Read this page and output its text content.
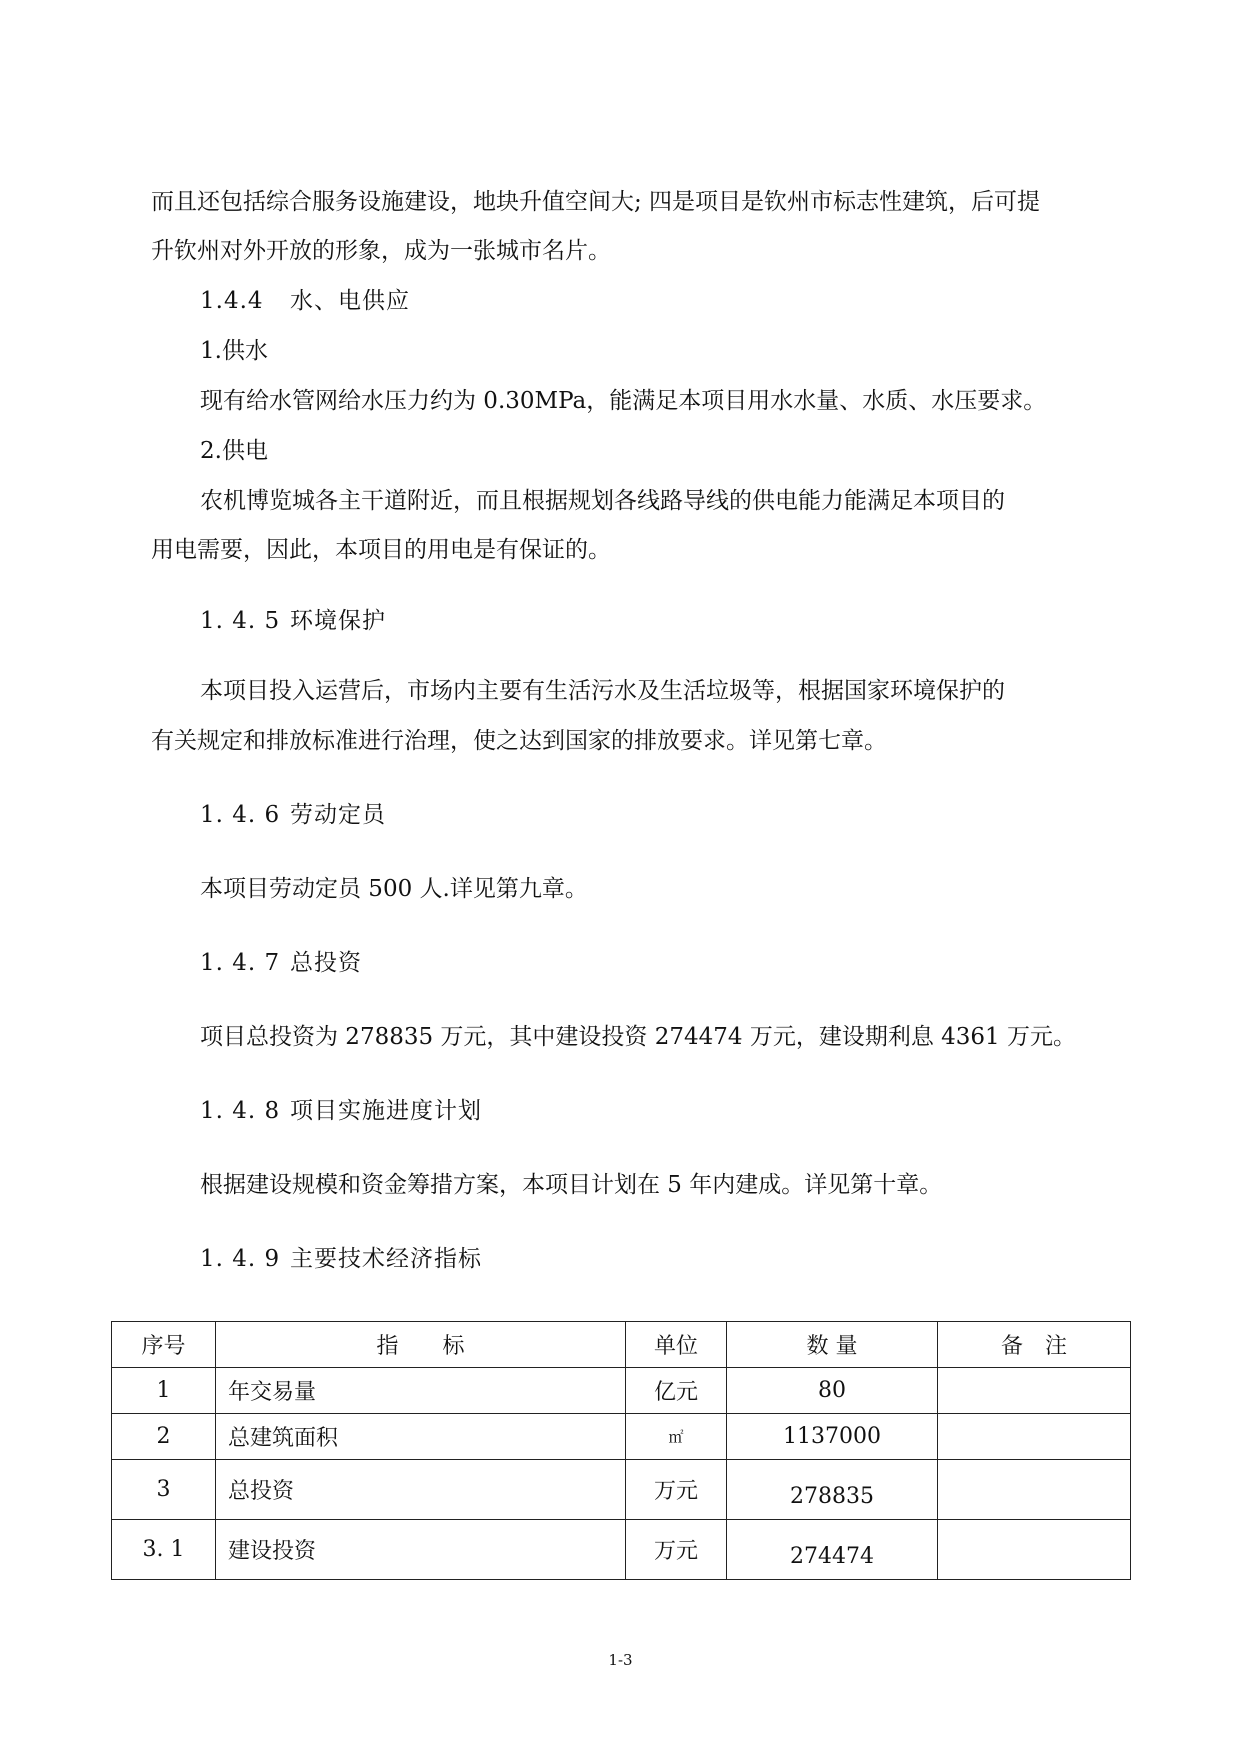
而且还包括综合服务设施建设，地块升值空间大; 四是项目是钦州市标志性建筑，后可提
升钦州对外开放的形象，成为一张城市名片。
1.4.4 水、电供应
1.供水
现有给水管网给水压力约为 0.30MPa，能满足本项目用水水量、水质、水压要求。
2.供电
农机博览城各主干道附近，而且根据规划各线路导线的供电能力能满足本项目的
用电需要，因此，本项目的用电是有保证的。
1. 4. 5 环境保护
本项目投入运营后，市场内主要有生活污水及生活垃圾等，根据国家环境保护的
有关规定和排放标准进行治理，使之达到国家的排放要求。详见第七章。
1. 4. 6 劳动定员
本项目劳动定员 500 人.详见第九章。
1. 4. 7 总投资
项目总投资为 278835 万元，其中建设投资 274474 万元，建设期利息 4361 万元。
1. 4. 8 项目实施进度计划
根据建设规模和资金筹措方案，本项目计划在 5 年内建成。详见第十章。
1. 4. 9 主要技术经济指标
序号	指　　标	单位	数 量	备　注
1	年交易量	亿元	80	
2	总建筑面积	㎡	1137000	
3	总投资	万元	278835	
3. 1	建设投资	万元	274474	
1-3
